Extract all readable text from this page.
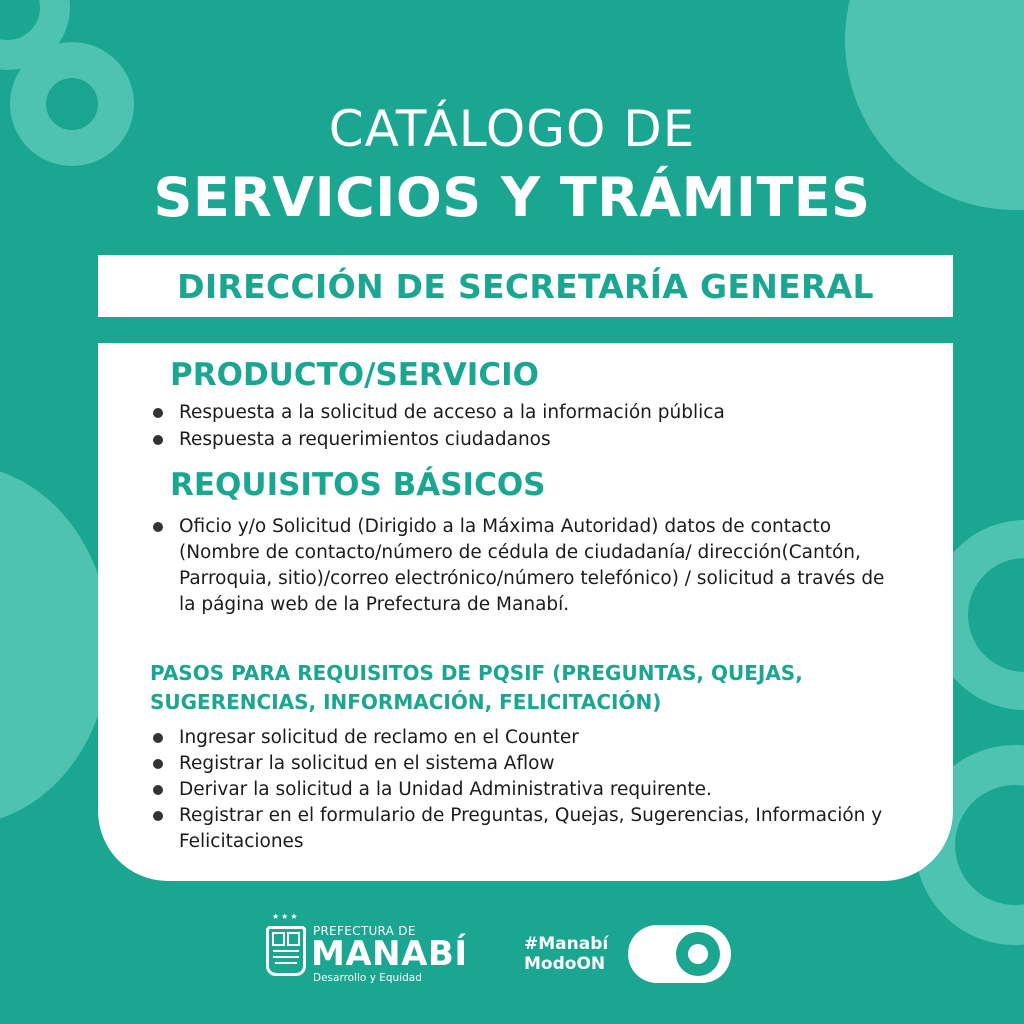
CATÁLOGO DE
SERVICIOS Y TRÁMITES
DIRECCIÓN DE SECRETARÍA GENERAL
PRODUCTO/SERVICIO
Respuesta a la solicitud de acceso a la información pública
Respuesta a requerimientos ciudadanos
REQUISITOS BÁSICOS
Oficio y/o Solicitud (Dirigido a la Máxima Autoridad) datos de contacto (Nombre de contacto/número de cédula de ciudadanía/ dirección(Cantón, Parroquia, sitio)/correo electrónico/número telefónico) / solicitud a través de la página web de la Prefectura de Manabí.
PASOS PARA REQUISITOS DE PQSIF (PREGUNTAS, QUEJAS, SUGERENCIAS, INFORMACIÓN, FELICITACIÓN)
Ingresar solicitud de reclamo en el Counter
Registrar la solicitud en el sistema Aflow
Derivar la solicitud a la Unidad Administrativa requirente.
Registrar en el formulario de Preguntas, Quejas, Sugerencias, Información y Felicitaciones
★★★
PREFECTURA DE
MANABÍ
Desarrollo y Equidad
#Manabí
ModoON
